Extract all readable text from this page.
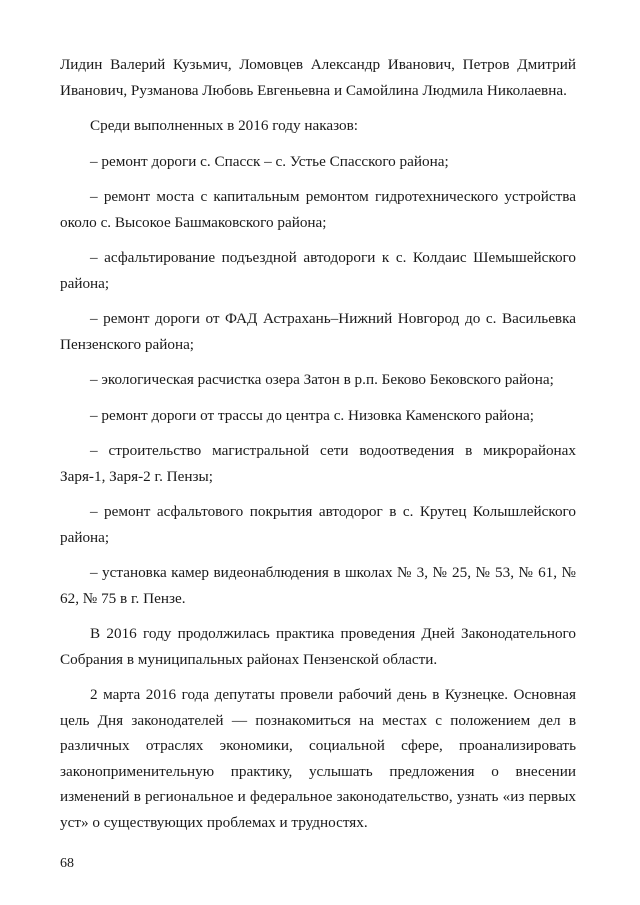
Лидин Валерий Кузьмич, Ломовцев Александр Иванович, Петров Дмитрий Иванович, Рузманова Любовь Евгеньевна и Самойлина Людмила Николаевна.

Среди выполненных в 2016 году наказов:

– ремонт дороги с. Спасск – с. Устье Спасского района;

– ремонт моста с капитальным ремонтом гидротехнического устройства около с. Высокое Башмаковского района;

– асфальтирование подъездной автодороги к с. Колдаис Шемышейского района;

– ремонт дороги от ФАД Астрахань–Нижний Новгород до с. Васильевка Пензенского района;

– экологическая расчистка озера Затон в р.п. Беково Бековского района;

– ремонт дороги от трассы до центра с. Низовка Каменского района;

– строительство магистральной сети водоотведения в микрорайонах Заря-1, Заря-2 г. Пензы;

– ремонт асфальтового покрытия автодорог в с. Крутец Колышлейского района;

– установка камер видеонаблюдения в школах № 3, № 25, № 53, № 61, № 62, № 75 в г. Пензе.

В 2016 году продолжилась практика проведения Дней Законодательного Собрания в муниципальных районах Пензенской области.

2 марта 2016 года депутаты провели рабочий день в Кузнецке. Основная цель Дня законодателей — познакомиться на местах с положением дел в различных отраслях экономики, социальной сфере, проанализировать законоприменительную практику, услышать предложения о внесении изменений в региональное и федеральное законодательство, узнать «из первых уст» о существующих проблемах и трудностях.

68
